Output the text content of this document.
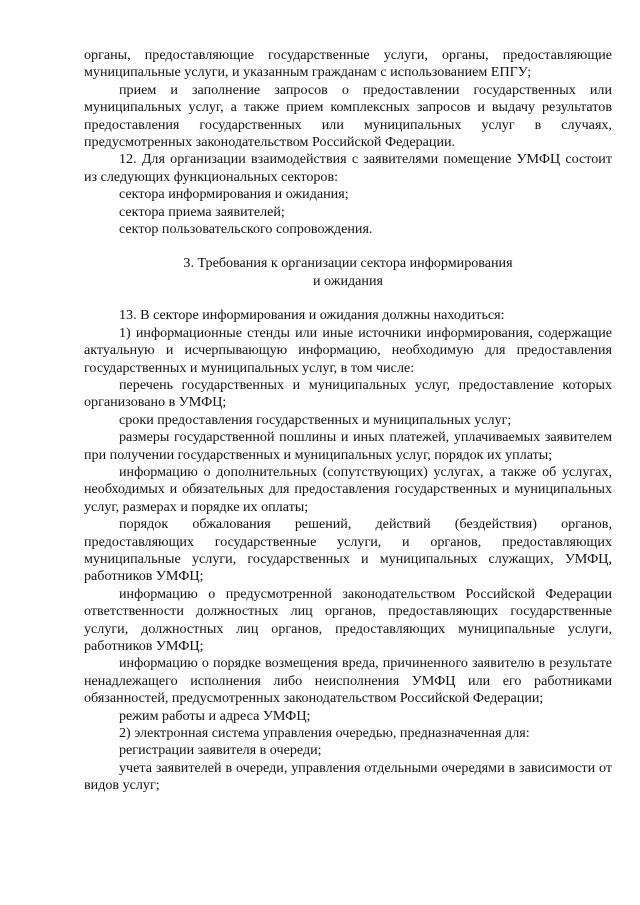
органы, предоставляющие государственные услуги, органы, предоставляющие муниципальные услуги, и указанным гражданам с использованием ЕПГУ;

прием и заполнение запросов о предоставлении государственных или муниципальных услуг, а также прием комплексных запросов и выдачу результатов предоставления государственных или муниципальных услуг в случаях, предусмотренных законодательством Российской Федерации.

12. Для организации взаимодействия с заявителями помещение УМФЦ состоит из следующих функциональных секторов:

сектора информирования и ожидания;

сектора приема заявителей;

сектор пользовательского сопровождения.

3. Требования к организации сектора информирования
и ожидания

13. В секторе информирования и ожидания должны находиться:

1) информационные стенды или иные источники информирования, содержащие актуальную и исчерпывающую информацию, необходимую для предоставления государственных и муниципальных услуг, в том числе:

перечень государственных и муниципальных услуг, предоставление которых организовано в УМФЦ;

сроки предоставления государственных и муниципальных услуг;

размеры государственной пошлины и иных платежей, уплачиваемых заявителем при получении государственных и муниципальных услуг, порядок их уплаты;

информацию о дополнительных (сопутствующих) услугах, а также об услугах, необходимых и обязательных для предоставления государственных и муниципальных услуг, размерах и порядке их оплаты;

порядок обжалования решений, действий (бездействия) органов, предоставляющих государственные услуги, и органов, предоставляющих муниципальные услуги, государственных и муниципальных служащих, УМФЦ, работников УМФЦ;

информацию о предусмотренной законодательством Российской Федерации ответственности должностных лиц органов, предоставляющих государственные услуги, должностных лиц органов, предоставляющих муниципальные услуги, работников УМФЦ;

информацию о порядке возмещения вреда, причиненного заявителю в результате ненадлежащего исполнения либо неисполнения УМФЦ или его работниками обязанностей, предусмотренных законодательством Российской Федерации;

режим работы и адреса УМФЦ;

2) электронная система управления очередью, предназначенная для:

регистрации заявителя в очереди;

учета заявителей в очереди, управления отдельными очередями в зависимости от видов услуг;
